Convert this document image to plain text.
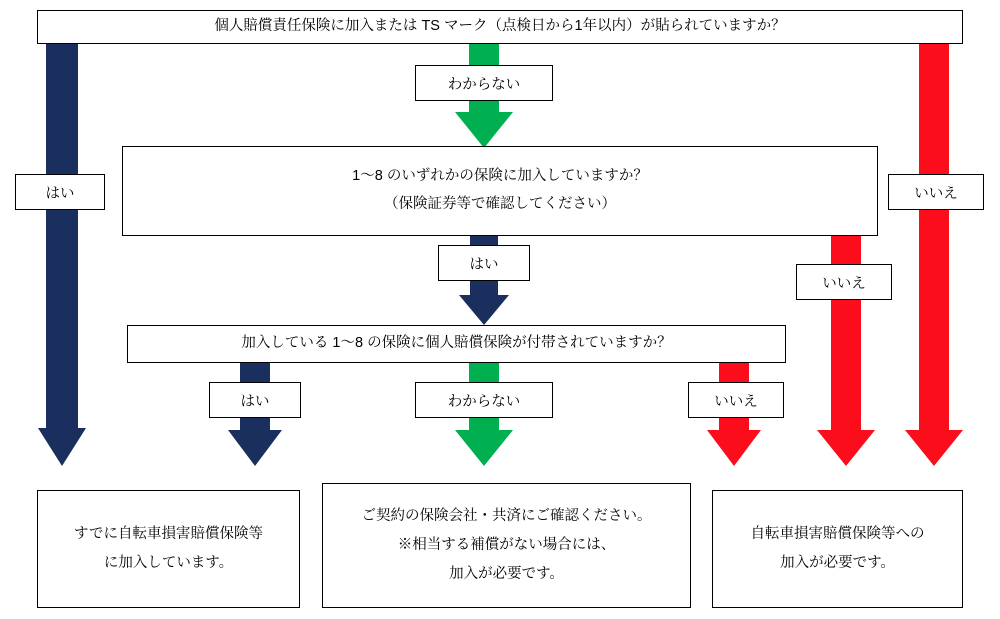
個人賠償責任保険に加入または TS マーク（点検日から1年以内）が貼られていますか？
1〜8 のいずれかの保険に加入していますか？
（保険証券等で確認してください）
加入している 1〜8 の保険に個人賠償保険が付帯されていますか？
はい
わからない
いいえ
はい
いいえ
はい	わからない	いいえ
すでに自転車損害賠償保険等
に加入しています。
ご契約の保険会社・共済にご確認ください。
※相当する補償がない場合には、
加入が必要です。
自転車損害賠償保険等への
加入が必要です。
